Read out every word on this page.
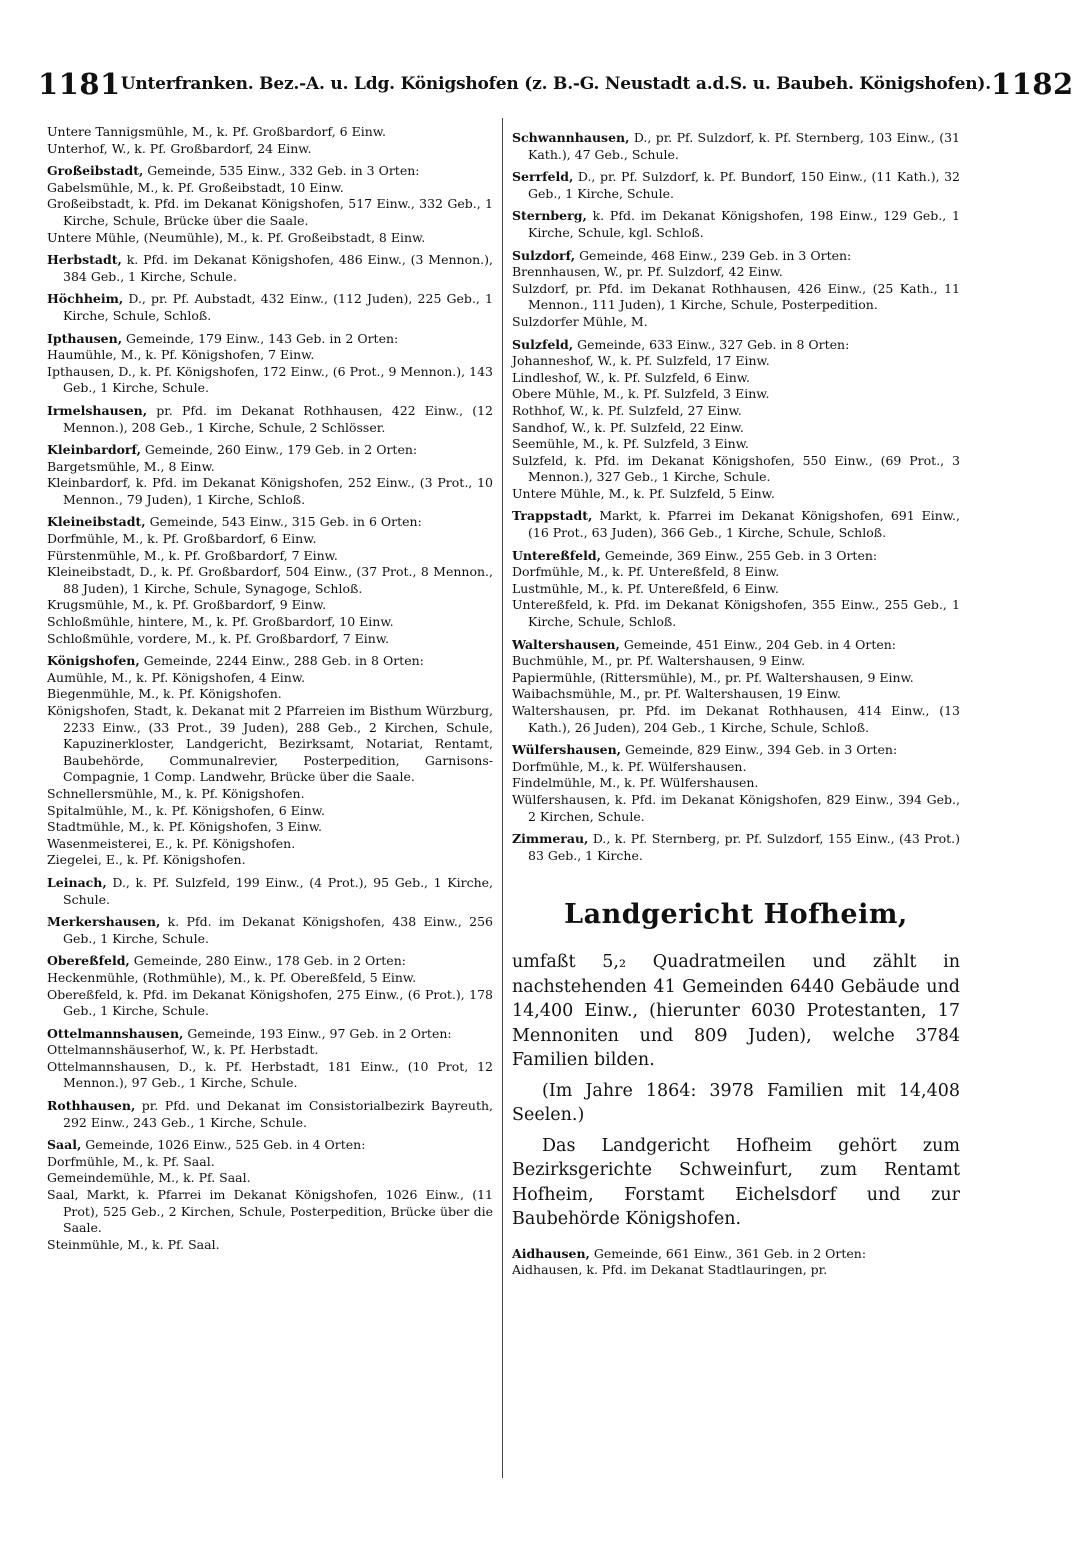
1181 Unterfranken. Bez.-A. u. Ldg. Königshofen (z. B.-G. Neustadt a.d.S. u. Baubeh. Königshofen). 1182
Untere Tannigsmühle, M., k. Pf. Großbardorf, 6 Einw.
Unterhof, W., k. Pf. Großbardorf, 24 Einw.
Großeibstadt, Gemeinde, 535 Einw., 332 Geb. in 3 Orten:
Gabelsmühle, M., k. Pf. Großeibstadt, 10 Einw.
Großeibstadt, k. Pfd. im Dekanat Königshofen, 517 Einw., 332 Geb., 1 Kirche, Schule, Brücke über die Saale.
Untere Mühle, (Neumühle), M., k. Pf. Großeibstadt, 8 Einw.
Herbstadt, k. Pfd. im Dekanat Königshofen, 486 Einw., (3 Mennon.), 384 Geb., 1 Kirche, Schule.
Höchheim, D., pr. Pf. Aubstadt, 432 Einw., (112 Juden), 225 Geb., 1 Kirche, Schule, Schloß.
Ipthausen, Gemeinde, 179 Einw., 143 Geb. in 2 Orten:
Haumühle, M., k. Pf. Königshofen, 7 Einw.
Ipthausen, D., k. Pf. Königshofen, 172 Einw., (6 Prot., 9 Mennon.), 143 Geb., 1 Kirche, Schule.
Irmelshausen, pr. Pfd. im Dekanat Rothhausen, 422 Einw., (12 Mennon.), 208 Geb., 1 Kirche, Schule, 2 Schlösser.
Kleinbardorf, Gemeinde, 260 Einw., 179 Geb. in 2 Orten:
Bargetsmühle, M., 8 Einw.
Kleinbardorf, k. Pfd. im Dekanat Königshofen, 252 Einw., (3 Prot., 10 Mennon., 79 Juden), 1 Kirche, Schloß.
Kleineibstadt, Gemeinde, 543 Einw., 315 Geb. in 6 Orten:
Dorfmühle, M., k. Pf. Großbardorf, 6 Einw.
Fürstenmühle, M., k. Pf. Großbardorf, 7 Einw.
Kleineibstadt, D., k. Pf. Großbardorf, 504 Einw., (37 Prot., 8 Mennon., 88 Juden), 1 Kirche, Schule, Synagoge, Schloß.
Krugsmühle, M., k. Pf. Großbardorf, 9 Einw.
Schloßmühle, hintere, M., k. Pf. Großbardorf, 10 Einw.
Schloßmühle, vordere, M., k. Pf. Großbardorf, 7 Einw.
Königshofen, Gemeinde, 2244 Einw., 288 Geb. in 8 Orten:
Aumühle, M., k. Pf. Königshofen, 4 Einw.
Biegenmühle, M., k. Pf. Königshofen.
Königshofen, Stadt, k. Dekanat mit 2 Pfarreien im Bisthum Würzburg, 2233 Einw., (33 Prot., 39 Juden), 288 Geb., 2 Kirchen, Schule, Kapuzinerkloster, Landgericht, Bezirksamt, Notariat, Rentamt, Baubehörde, Communalrevier, Posterpedition, Garnisons-Compagnie, 1 Comp. Landwehr, Brücke über die Saale.
Schnellersmühle, M., k. Pf. Königshofen.
Spitalmühle, M., k. Pf. Königshofen, 6 Einw.
Stadtmühle, M., k. Pf. Königshofen, 3 Einw.
Wasenmeisterei, E., k. Pf. Königshofen.
Ziegelei, E., k. Pf. Königshofen.
Leinach, D., k. Pf. Sulzfeld, 199 Einw., (4 Prot.), 95 Geb., 1 Kirche, Schule.
Merkershausen, k. Pfd. im Dekanat Königshofen, 438 Einw., 256 Geb., 1 Kirche, Schule.
Obereßfeld, Gemeinde, 280 Einw., 178 Geb. in 2 Orten:
Heckenmühle, (Rothmühle), M., k. Pf. Obereßfeld, 5 Einw.
Obereßfeld, k. Pfd. im Dekanat Königshofen, 275 Einw., (6 Prot.), 178 Geb., 1 Kirche, Schule.
Ottelmannshausen, Gemeinde, 193 Einw., 97 Geb. in 2 Orten:
Ottelmannshäuserhof, W., k. Pf. Herbstadt.
Ottelmannshausen, D., k. Pf. Herbstadt, 181 Einw., (10 Prot, 12 Mennon.), 97 Geb., 1 Kirche, Schule.
Rothhausen, pr. Pfd. und Dekanat im Consistorialbezirk Bayreuth, 292 Einw., 243 Geb., 1 Kirche, Schule.
Saal, Gemeinde, 1026 Einw., 525 Geb. in 4 Orten:
Dorfmühle, M., k. Pf. Saal.
Gemeindemühle, M., k. Pf. Saal.
Saal, Markt, k. Pfarrei im Dekanat Königshofen, 1026 Einw., (11 Prot), 525 Geb., 2 Kirchen, Schule, Posterpedition, Brücke über die Saale.
Steinmühle, M., k. Pf. Saal.
Schwannhausen, D., pr. Pf. Sulzdorf, k. Pf. Sternberg, 103 Einw., (31 Kath.), 47 Geb., Schule.
Serrfeld, D., pr. Pf. Sulzdorf, k. Pf. Bundorf, 150 Einw., (11 Kath.), 32 Geb., 1 Kirche, Schule.
Sternberg, k. Pfd. im Dekanat Königshofen, 198 Einw., 129 Geb., 1 Kirche, Schule, kgl. Schloß.
Sulzdorf, Gemeinde, 468 Einw., 239 Geb. in 3 Orten:
Brennhausen, W., pr. Pf. Sulzdorf, 42 Einw.
Sulzdorf, pr. Pfd. im Dekanat Rothhausen, 426 Einw., (25 Kath., 11 Mennon., 111 Juden), 1 Kirche, Schule, Posterpedition.
Sulzdorfer Mühle, M.
Sulzfeld, Gemeinde, 633 Einw., 327 Geb. in 8 Orten:
Johanneshof, W., k. Pf. Sulzfeld, 17 Einw.
Lindleshof, W., k. Pf. Sulzfeld, 6 Einw.
Obere Mühle, M., k. Pf. Sulzfeld, 3 Einw.
Rothhof, W., k. Pf. Sulzfeld, 27 Einw.
Sandhof, W., k. Pf. Sulzfeld, 22 Einw.
Seemühle, M., k. Pf. Sulzfeld, 3 Einw.
Sulzfeld, k. Pfd. im Dekanat Königshofen, 550 Einw., (69 Prot., 3 Mennon.), 327 Geb., 1 Kirche, Schule.
Untere Mühle, M., k. Pf. Sulzfeld, 5 Einw.
Trappstadt, Markt, k. Pfarrei im Dekanat Königshofen, 691 Einw., (16 Prot., 63 Juden), 366 Geb., 1 Kirche, Schule, Schloß.
Untereßfeld, Gemeinde, 369 Einw., 255 Geb. in 3 Orten:
Dorfmühle, M., k. Pf. Untereßfeld, 8 Einw.
Lustmühle, M., k. Pf. Untereßfeld, 6 Einw.
Untereßfeld, k. Pfd. im Dekanat Königshofen, 355 Einw., 255 Geb., 1 Kirche, Schule, Schloß.
Waltershausen, Gemeinde, 451 Einw., 204 Geb. in 4 Orten:
Buchmühle, M., pr. Pf. Waltershausen, 9 Einw.
Papiermühle, (Rittersmühle), M., pr. Pf. Waltershausen, 9 Einw.
Waibachsmühle, M., pr. Pf. Waltershausen, 19 Einw.
Waltershausen, pr. Pfd. im Dekanat Rothhausen, 414 Einw., (13 Kath.), 26 Juden), 204 Geb., 1 Kirche, Schule, Schloß.
Wülfershausen, Gemeinde, 829 Einw., 394 Geb. in 3 Orten:
Dorfmühle, M., k. Pf. Wülfershausen.
Findelmühle, M., k. Pf. Wülfershausen.
Wülfershausen, k. Pfd. im Dekanat Königshofen, 829 Einw., 394 Geb., 2 Kirchen, Schule.
Zimmerau, D., k. Pf. Sternberg, pr. Pf. Sulzdorf, 155 Einw., (43 Prot.) 83 Geb., 1 Kirche.
Landgericht Hofheim,
umfaßt 5,₂ Quadratmeilen und zählt in nachstehenden 41 Gemeinden 6440 Gebäude und 14,400 Einw., (hierunter 6030 Protestanten, 17 Mennoniten und 809 Juden), welche 3784 Familien bilden.
(Im Jahre 1864: 3978 Familien mit 14,408 Seelen.)
Das Landgericht Hofheim gehört zum Bezirksgerichte Schweinfurt, zum Rentamt Hofheim, Forstamt Eichelsdorf und zur Baubehörde Königshofen.
Aidhausen, Gemeinde, 661 Einw., 361 Geb. in 2 Orten:
Aidhausen, k. Pfd. im Dekanat Stadtlauringen, pr.
